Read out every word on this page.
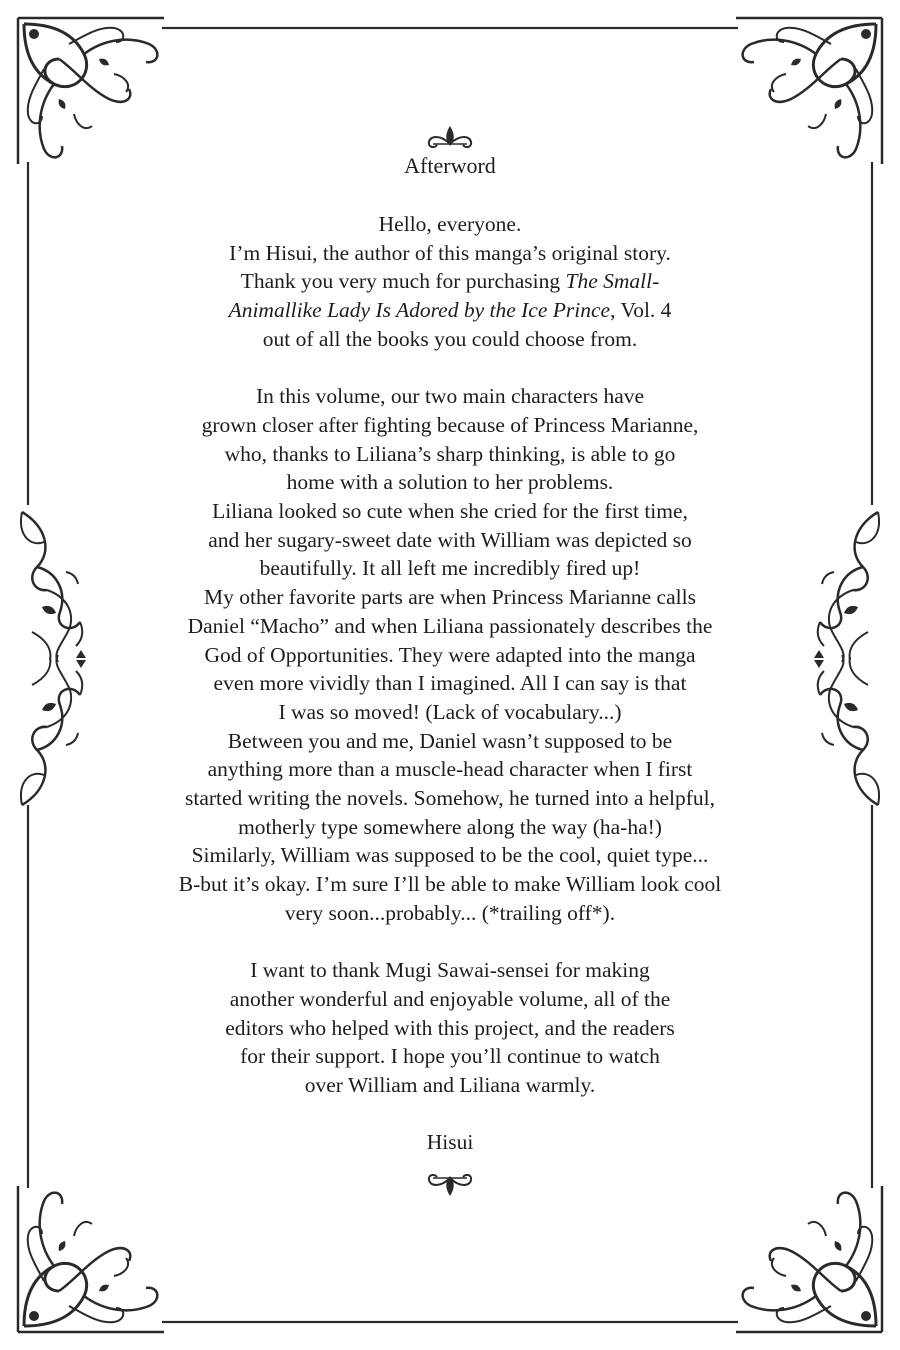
Afterword
Hello, everyone.
I’m Hisui, the author of this manga’s original story.
Thank you very much for purchasing The Small-
Animallike Lady Is Adored by the Ice Prince, Vol. 4
out of all the books you could choose from.
In this volume, our two main characters have
grown closer after fighting because of Princess Marianne,
who, thanks to Liliana’s sharp thinking, is able to go
home with a solution to her problems.
Liliana looked so cute when she cried for the first time,
and her sugary-sweet date with William was depicted so
beautifully. It all left me incredibly fired up!
My other favorite parts are when Princess Marianne calls
Daniel “Macho” and when Liliana passionately describes the
God of Opportunities. They were adapted into the manga
even more vividly than I imagined. All I can say is that
I was so moved! (Lack of vocabulary...)
Between you and me, Daniel wasn’t supposed to be
anything more than a muscle-head character when I first
started writing the novels. Somehow, he turned into a helpful,
motherly type somewhere along the way (ha-ha!)
Similarly, William was supposed to be the cool, quiet type...
B-but it’s okay. I’m sure I’ll be able to make William look cool
very soon...probably... (*trailing off*).
I want to thank Mugi Sawai-sensei for making
another wonderful and enjoyable volume, all of the
editors who helped with this project, and the readers
for their support. I hope you’ll continue to watch
over William and Liliana warmly.
Hisui
